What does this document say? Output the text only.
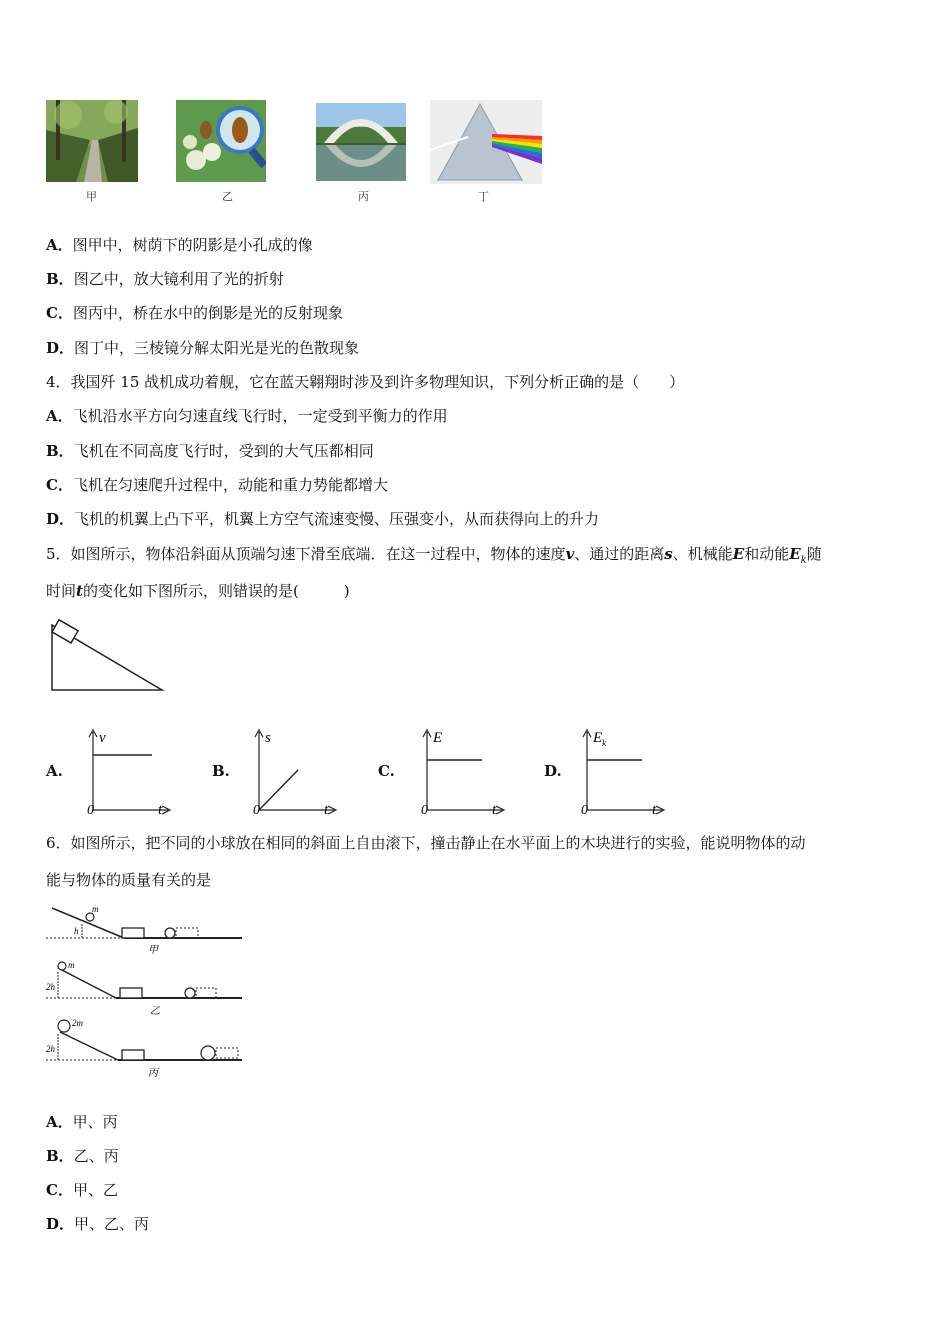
甲	乙	丙	丁
A．图甲中，树荫下的阴影是小孔成的像
B．图乙中，放大镜利用了光的折射
C．图丙中，桥在水中的倒影是光的反射现象
D．图丁中，三棱镜分解太阳光是光的色散现象
4．我国歼 15 战机成功着舰，它在蓝天翱翔时涉及到许多物理知识，下列分析正确的是（　　）
A．飞机沿水平方向匀速直线飞行时，一定受到平衡力的作用
B．飞机在不同高度飞行时，受到的大气压都相同
C．飞机在匀速爬升过程中，动能和重力势能都增大
D．飞机的机翼上凸下平，机翼上方空气流速变慢、压强变小，从而获得向上的升力
5．如图所示，物体沿斜面从顶端匀速下滑至底端．在这一过程中，物体的速度v、通过的距离s、机械能E和动能$E_k$随
时间t的变化如下图所示，则错误的是(　　　)
A.
v
t
0
B.
s
t
0
C.
E
t
0
D.
$E_k$
t
0
6．如图所示，把不同的小球放在相同的斜面上自由滚下，撞击静止在水平面上的木块进行的实验，能说明物体的动
能与物体的质量有关的是
m
h
甲
m
2h
乙
2m
2h
丙
A．甲、丙
B．乙、丙
C．甲、乙
D．甲、乙、丙
